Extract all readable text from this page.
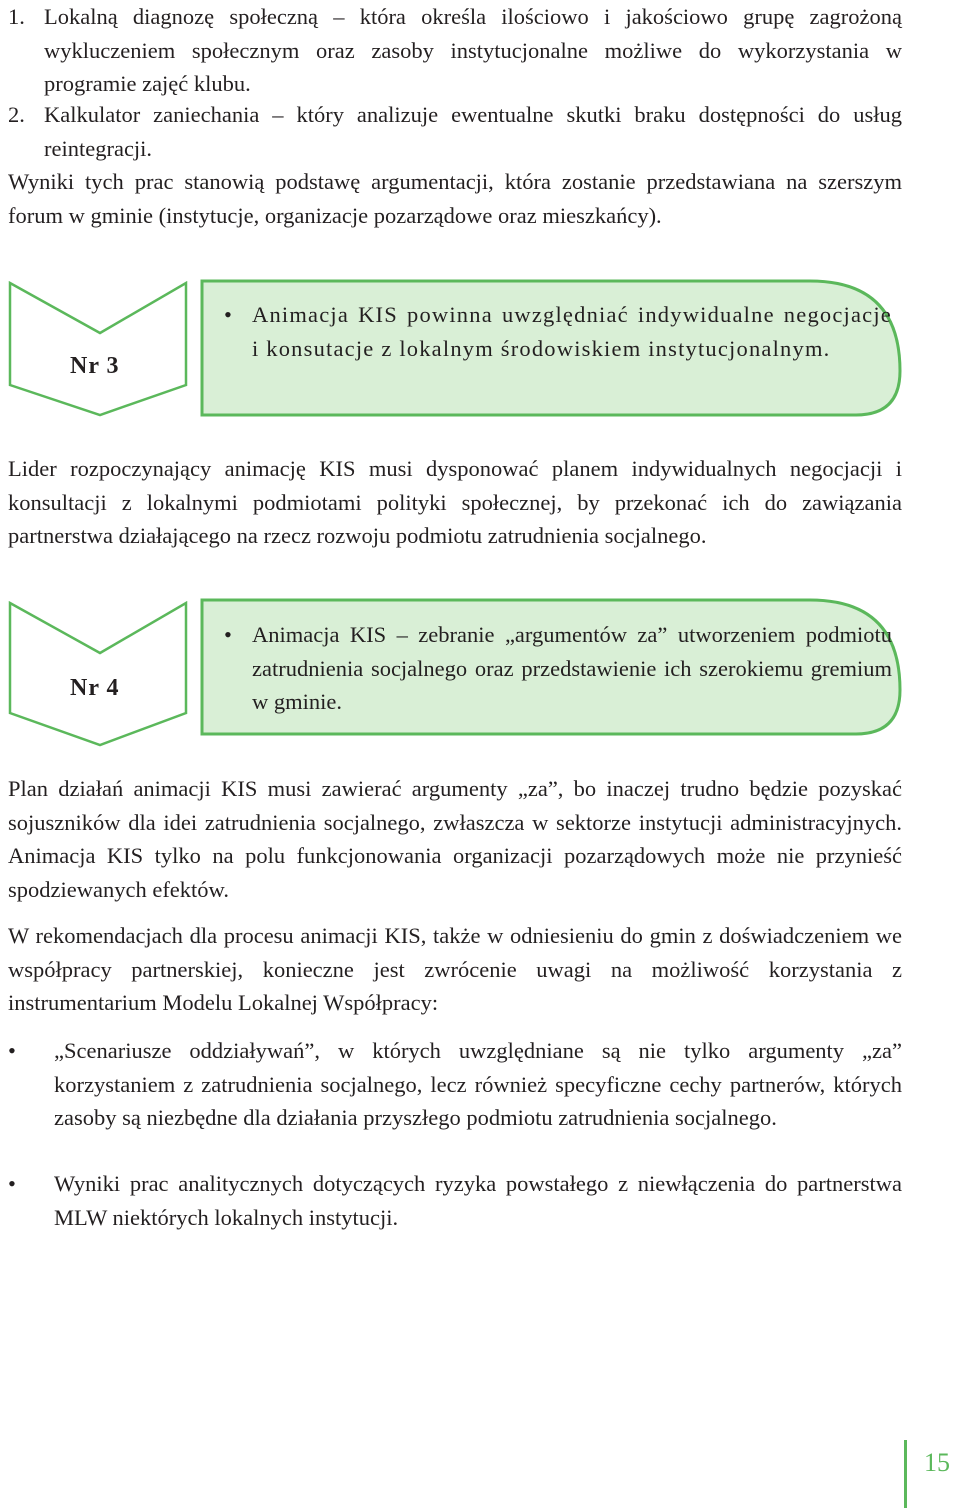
1. Lokalną diagnozę społeczną – która określa ilościowo i jakościowo grupę zagrożoną wykluczeniem społecznym oraz zasoby instytucjonalne możliwe do wykorzystania w programie zajęć klubu.
2. Kalkulator zaniechania – który analizuje ewentualne skutki braku dostępności do usług reintegracji.

Wyniki tych prac stanowią podstawę argumentacji, która zostanie przedstawiana na szerszym forum w gminie (instytucje, organizacje pozarządowe oraz mieszkańcy).

Nr 3
• Animacja KIS powinna uwzględniać indywidualne negocjacje i konsutacje z lokalnym środowiskiem instytucjonalnym.

Lider rozpoczynający animację KIS musi dysponować planem indywidualnych negocjacji i konsultacji z lokalnymi podmiotami polityki społecznej, by przekonać ich do zawiązania partnerstwa działającego na rzecz rozwoju podmiotu zatrudnienia socjalnego.

Nr 4
• Animacja KIS – zebranie „argumentów za” utworzeniem podmiotu zatrudnienia socjalnego oraz przedstawienie ich szerokiemu gremium w gminie.

Plan działań animacji KIS musi zawierać argumenty „za”, bo inaczej trudno będzie pozyskać sojuszników dla idei zatrudnienia socjalnego, zwłaszcza w sektorze instytucji administracyjnych. Animacja KIS tylko na polu funkcjonowania organizacji pozarządowych może nie przynieść spodziewanych efektów.

W rekomendacjach dla procesu animacji KIS, także w odniesieniu do gmin z doświadczeniem we współpracy partnerskiej, konieczne jest zwrócenie uwagi na możliwość korzystania z instrumentarium Modelu Lokalnej Współpracy:

• „Scenariusze oddziaływań”, w których uwzględniane są nie tylko argumenty „za” korzystaniem z zatrudnienia socjalnego, lecz również specyficzne cechy partnerów, których zasoby są niezbędne dla działania przyszłego podmiotu zatrudnienia socjalnego.
• Wyniki prac analitycznych dotyczących ryzyka powstałego z niewłączenia do partnerstwa MLW niektórych lokalnych instytucji.
15
